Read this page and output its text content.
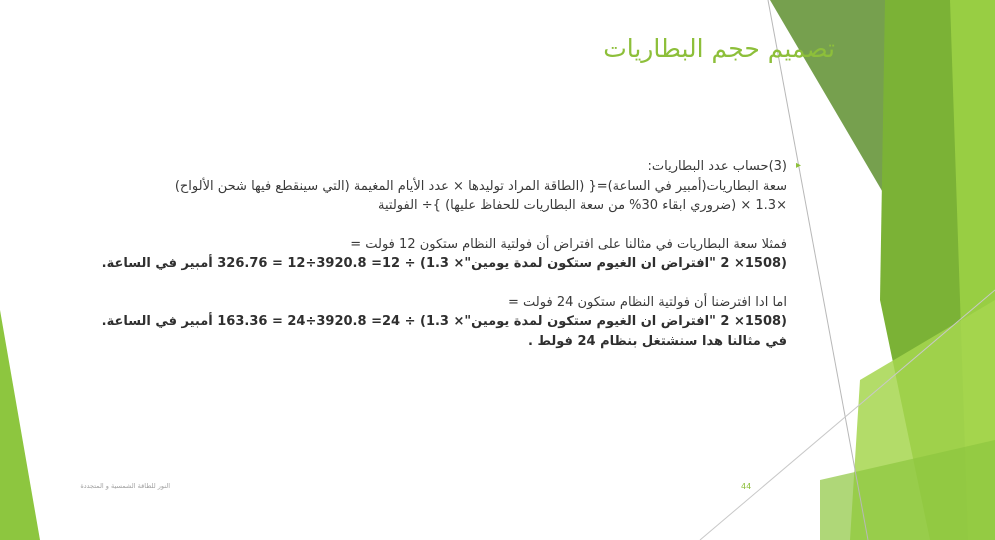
تصميم حجم البطاريات
▸

(3)حساب عدد البطاريات:

سعة البطاريات(أمبير في الساعة)={ (الطاقة المراد توليدها × عدد الأيام المغيمة (التي سينقطع فيها شحن الألواح)

×1.3 × (ضروري ابقاء 30% من سعة البطاريات للحفاظ عليها) }÷ الفولتية

فمثلا سعة البطاريات في مثالنا على افتراض أن فولتية النظام ستكون 12 فولت =

(1508× 2 "افتراض ان الغيوم ستكون لمدة يومين"× 1.3) ÷ 12= 3920.8÷12 = 326.76 أمبير في الساعة.

اما ادا افترضنا أن فولتية النظام ستكون 24 فولت =

(1508× 2 "افتراض ان الغيوم ستكون لمدة يومين"× 1.3) ÷ 24= 3920.8÷24 = 163.36 أمبير في الساعة.

في مثالنا هدا سنشتغل بنظام 24 فولط .

النور للطاقة الشمسية و المتجددة	44
